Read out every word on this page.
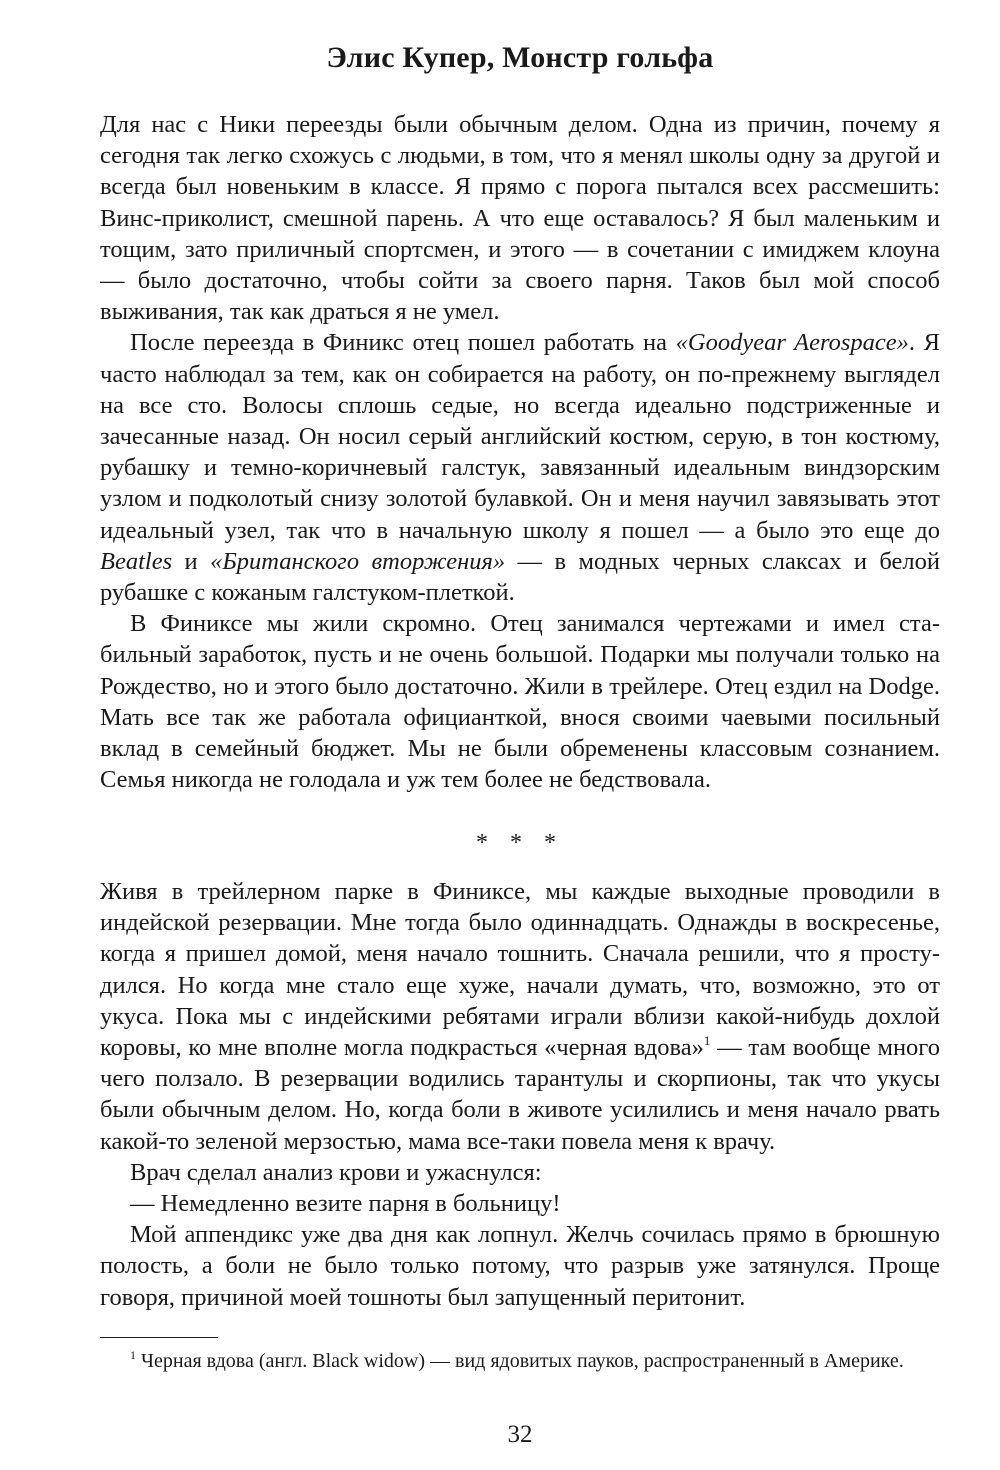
Элис Купер, Монстр гольфа

Для нас с Ники переезды были обычным делом. Одна из причин, почему я сегодня так легко схожусь с людьми, в том, что я менял школы одну за другой и всегда был новеньким в классе. Я прямо с порога пытался всех рассмешить: Винс-приколист, смешной парень. А что еще оставалось? Я был маленьким и тощим, зато приличный спортсмен, и этого — в сочетании с имиджем клоуна — было достаточно, чтобы сойти за своего парня. Таков был мой способ выживания, так как драться я не умел.

После переезда в Финикс отец пошел работать на «Goodyear Aerospace». Я часто наблюдал за тем, как он собирается на работу, он по-прежнему выглядел на все сто. Волосы сплошь седые, но всегда идеально подстриженные и зачесанные назад. Он носил серый английский костюм, серую, в тон костюму, рубашку и темно-коричневый галстук, завязанный идеальным виндзорским узлом и подколотый снизу золотой булавкой. Он и меня научил завязывать этот идеальный узел, так что в начальную школу я пошел — а было это еще до Beatles и «Британского вторжения» — в модных черных слаксах и белой рубашке с кожаным галстуком-плеткой.

В Финиксе мы жили скромно. Отец занимался чертежами и имел стабильный заработок, пусть и не очень большой. Подарки мы получали только на Рождество, но и этого было достаточно. Жили в трейлере. Отец ездил на Dodge. Мать все так же работала официанткой, внося своими чаевыми посильный вклад в семейный бюджет. Мы не были обременены классовым сознанием. Семья никогда не голодала и уж тем более не бедствовала.

* * *

Живя в трейлерном парке в Финиксе, мы каждые выходные проводили в индейской резервации. Мне тогда было одиннадцать. Однажды в воскресенье, когда я пришел домой, меня начало тошнить. Сначала решили, что я простудился. Но когда мне стало еще хуже, начали думать, что, возможно, это от укуса. Пока мы с индейскими ребятами играли вблизи какой-нибудь дохлой коровы, ко мне вполне могла подкрасться «черная вдова»$^1$ — там вообще много чего ползало. В резервации водились тарантулы и скорпионы, так что укусы были обычным делом. Но, когда боли в животе усилились и меня начало рвать какой-то зеленой мерзостью, мама все-таки повела меня к врачу.

Врач сделал анализ крови и ужаснулся:

— Немедленно везите парня в больницу!

Мой аппендикс уже два дня как лопнул. Желчь сочилась прямо в брюшную полость, а боли не было только потому, что разрыв уже затянулся. Проще говоря, причиной моей тошноты был запущенный перитонит.

$^1$ Черная вдова (англ. Black widow) — вид ядовитых пауков, распространенный в Америке.

32
